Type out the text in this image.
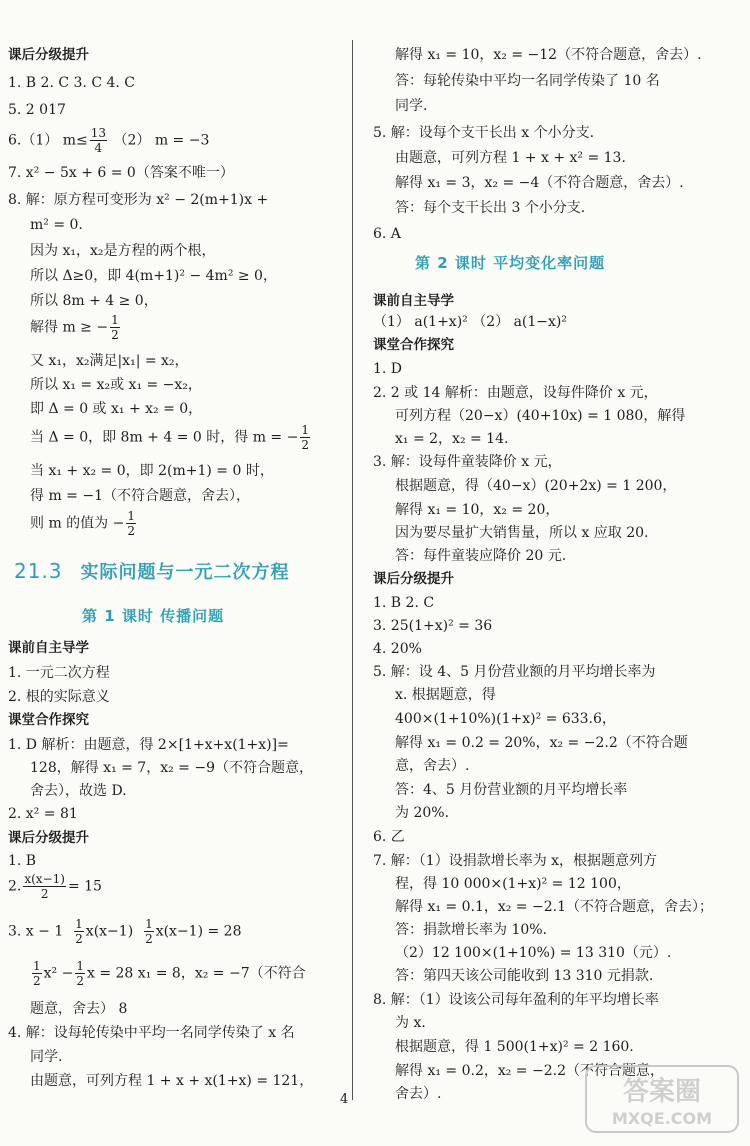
课后分级提升
1. B 2. C 3. C 4. C
5. 2 017
6.（1） $m\le \frac{13}{4} (2) m = -3$
7. x² − 5x + 6 = 0（答案不唯一）
8. 解：原方程可变形为 x² − 2(m+1)x +
m² = 0.
因为 x₁，x₂是方程的两个根，
所以 Δ≥0，即 4(m+1)² − 4m² ≥ 0，
所以 8m + 4 ≥ 0，
解得 m ≥ − $\frac{1}{2}$
又 x₁，x₂满足|x₁| = x₂，
所以 x₁ = x₂或 x₁ = −x₂，
即 Δ = 0 或 x₁ + x₂ = 0，
当 Δ = 0，即 8m + 4 = 0 时，得 m = − $\frac{1}{2}$
当 x₁ + x₂ = 0，即 2(m+1) = 0 时，
得 m = −1（不符合题意，舍去），
则 m 的值为 − $\frac{1}{2}$
课前自主导学
1. 一元二次方程
2. 根的实际意义
课堂合作探究
1. D 解析：由题意，得 2×[1+x+x(1+x)]=
128，解得 x₁ = 7，x₂ = −9（不符合题意，
舍去），故选 D.
2. x² = 81
课后分级提升
1. B
2. $\frac{x(x-1)}{2} = 15$
3. $x - 1 \frac{1}{2} x(x-1) \frac{1}{2} x(x-1) = 28$
$\frac{1}{2} x^2 - \frac{1}{2}$ x = 28 x₁ = 8，x₂ = −7（不符合
题意，舍去） 8
4. 解：设每轮传染中平均一名同学传染了 x 名
同学.
由题意，可列方程 1 + x + x(1+x) = 121，
21.3 实际问题与一元二次方程
第 1 课时 传播问题
解得 x₁ = 10，x₂ = −12（不符合题意，舍去）.
答：每轮传染中平均一名同学传染了 10 名
同学.
5. 解：设每个支干长出 x 个小分支.
由题意，可列方程 1 + x + x² = 13.
解得 x₁ = 3，x₂ = −4（不符合题意，舍去）.
答：每个支干长出 3 个小分支.
6. A
课前自主导学
（1） a(1+x)² （2） a(1−x)²
课堂合作探究
1. D
2. 2 或 14 解析：由题意，设每件降价 x 元，
可列方程（20−x）(40+10x) = 1 080，解得
x₁ = 2，x₂ = 14.
3. 解：设每件童装降价 x 元，
根据题意，得（40−x）(20+2x) = 1 200，
解得 x₁ = 10，x₂ = 20，
因为要尽量扩大销售量，所以 x 应取 20.
答：每件童装应降价 20 元.
课后分级提升
1. B 2. C
3. 25(1+x)² = 36
4. 20%
5. 解：设 4、5 月份营业额的月平均增长率为
x. 根据题意，得
400×(1+10%)(1+x)² = 633.6，
解得 x₁ = 0.2 = 20%，x₂ = −2.2（不符合题
意，舍去）.
答：4、5 月份营业额的月平均增长率
为 20%.
6. 乙
7. 解：（1）设捐款增长率为 x，根据题意列方
程，得 10 000×(1+x)² = 12 100，
解得 x₁ = 0.1，x₂ = −2.1（不符合题意，舍去）；
答：捐款增长率为 10%.
（2）12 100×(1+10%) = 13 310（元）.
答：第四天该公司能收到 13 310 元捐款.
8. 解：（1）设该公司每年盈利的年平均增长率
为 x.
根据题意，得 1 500(1+x)² = 2 160.
解得 x₁ = 0.2，x₂ = −2.2（不符合题意，
舍去）.
第 2 课时 平均变化率问题
4	答案圈
MXQE.COM
